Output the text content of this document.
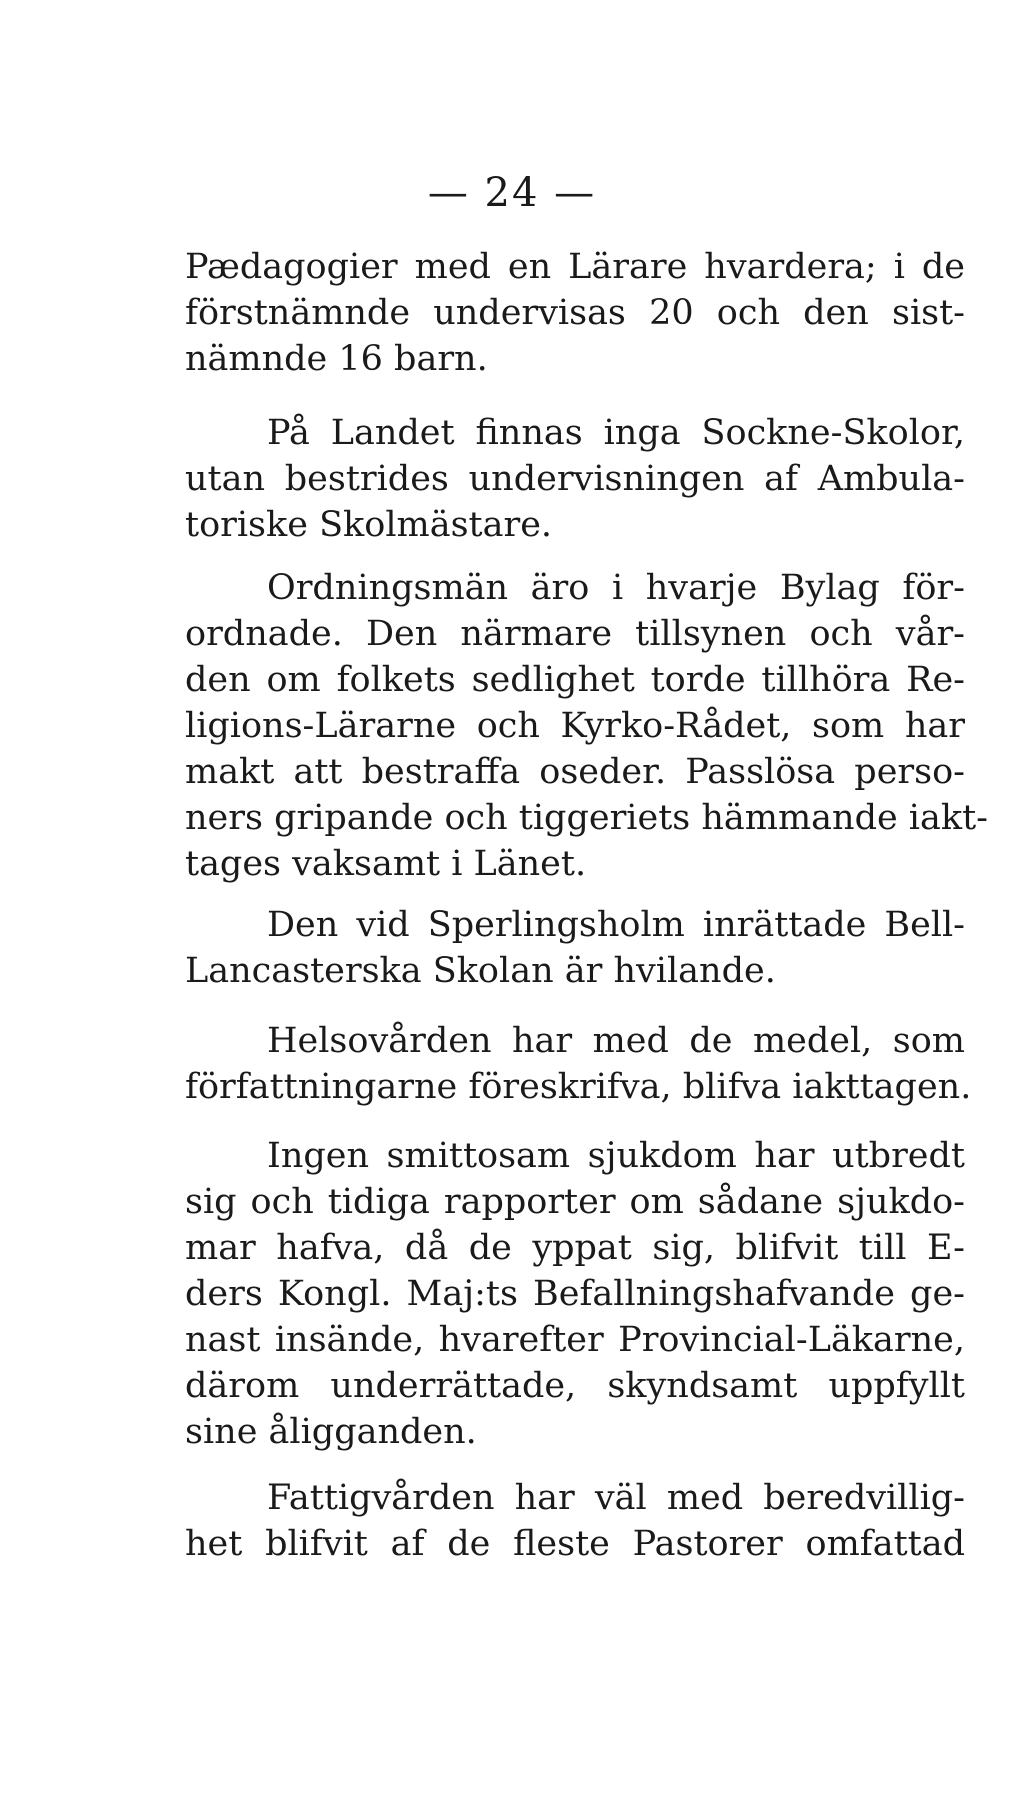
— 24 —
Pædagogier med en Lärare hvardera; i de
förstnämnde undervisas 20 och den sist-
nämnde 16 barn.
På Landet finnas inga Sockne-Skolor,
utan bestrides undervisningen af Ambula-
toriske Skolmästare.
Ordningsmän äro i hvarje Bylag för-
ordnade. Den närmare tillsynen och vår-
den om folkets sedlighet torde tillhöra Re-
ligions-Lärarne och Kyrko-Rådet, som har
makt att bestraffa oseder. Passlösa perso-
ners gripande och tiggeriets hämmande iakt-
tages vaksamt i Länet.
Den vid Sperlingsholm inrättade Bell-
Lancasterska Skolan är hvilande.
Helsovården har med de medel, som
författningarne föreskrifva, blifva iakttagen.
Ingen smittosam sjukdom har utbredt
sig och tidiga rapporter om sådane sjukdo-
mar hafva, då de yppat sig, blifvit till E-
ders Kongl. Maj:ts Befallningshafvande ge-
nast insände, hvarefter Provincial-Läkarne,
därom underrättade, skyndsamt uppfyllt
sine åligganden.
Fattigvården har väl med beredvillig-
het blifvit af de fleste Pastorer omfattad
